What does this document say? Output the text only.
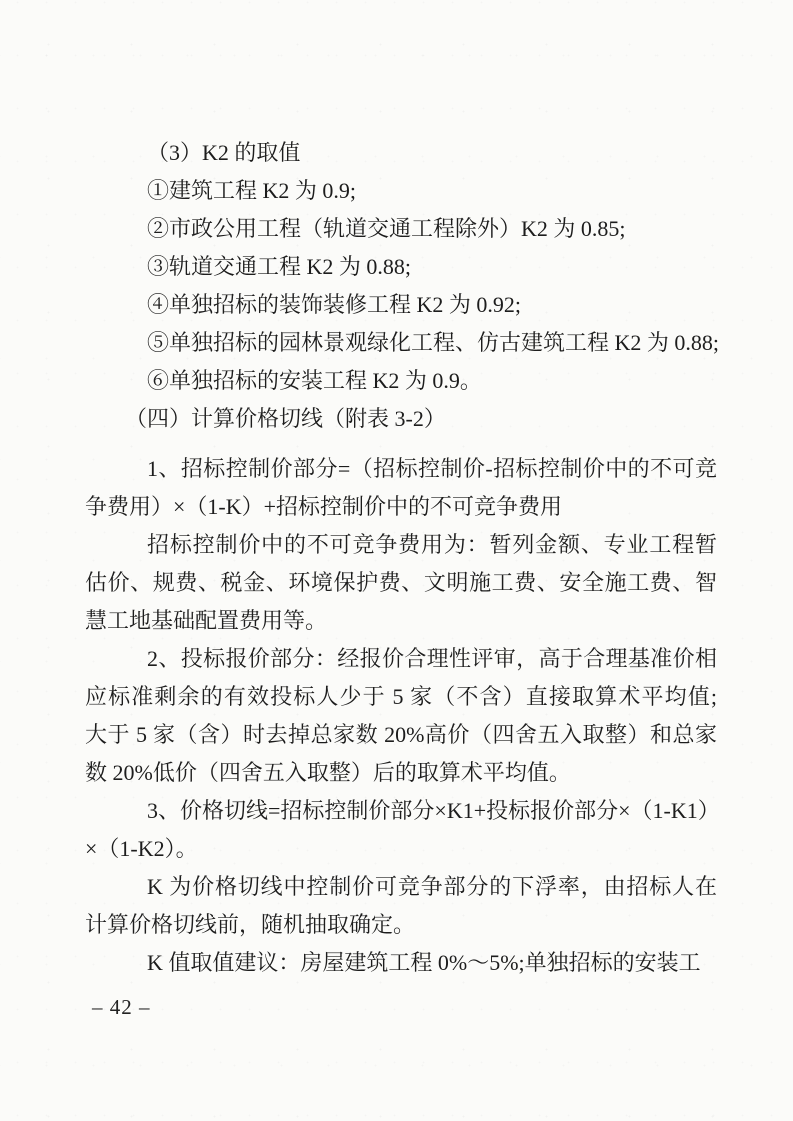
（3）K2 的取值
①建筑工程 K2 为 0.9;
②市政公用工程（轨道交通工程除外）K2 为 0.85;
③轨道交通工程 K2 为 0.88;
④单独招标的装饰装修工程 K2 为 0.92;
⑤单独招标的园林景观绿化工程、仿古建筑工程 K2 为 0.88;
⑥单独招标的安装工程 K2 为 0.9。
（四）计算价格切线（附表 3-2）
1、招标控制价部分=（招标控制价-招标控制价中的不可竞
争费用）×（1-K）+招标控制价中的不可竞争费用
招标控制价中的不可竞争费用为：暂列金额、专业工程暂
估价、规费、税金、环境保护费、文明施工费、安全施工费、智
慧工地基础配置费用等。
2、投标报价部分：经报价合理性评审，高于合理基准价相
应标准剩余的有效投标人少于 5 家（不含）直接取算术平均值;
大于 5 家（含）时去掉总家数 20%高价（四舍五入取整）和总家
数 20%低价（四舍五入取整）后的取算术平均值。
3、价格切线=招标控制价部分×K1+投标报价部分×（1-K1）
×（1-K2）。
K 为价格切线中控制价可竞争部分的下浮率，由招标人在
计算价格切线前，随机抽取确定。
K 值取值建议：房屋建筑工程 0%～5%;单独招标的安装工
– 42 –
